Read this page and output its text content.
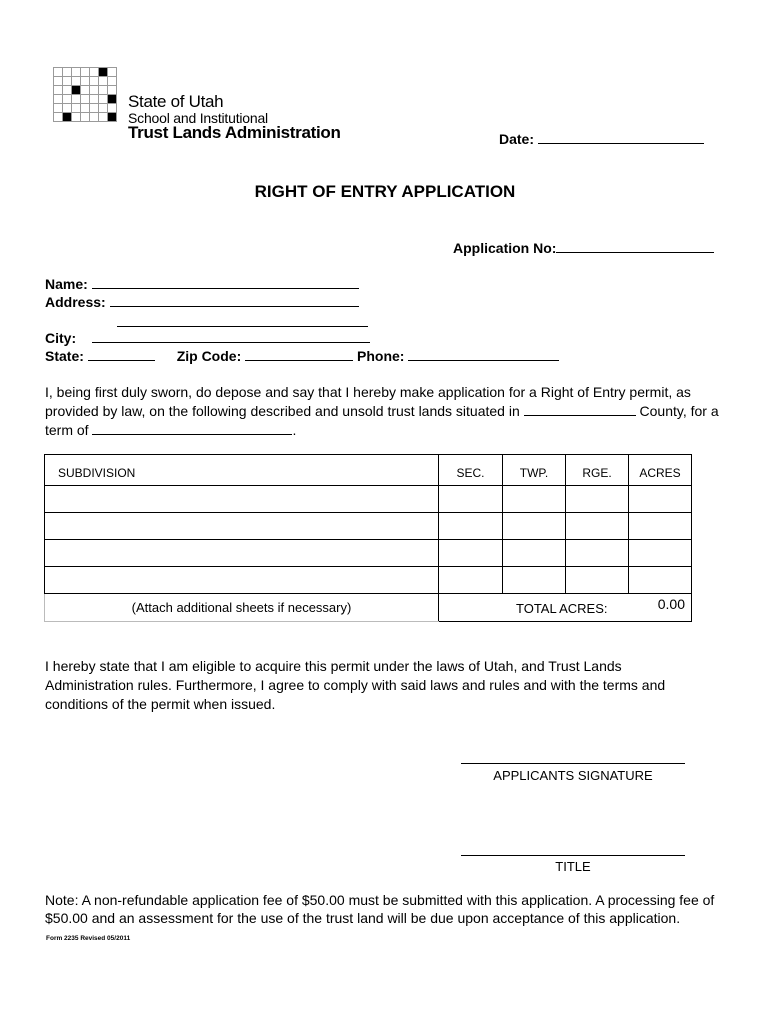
State of Utah
School and Institutional
Trust Lands Administration	Date:
RIGHT OF ENTRY APPLICATION
Application No:
Name:
Address:
City:
State:	Zip Code:	Phone:
I, being first duly sworn, do depose and say that I hereby make application for a Right of Entry permit, as
provided by law, on the following described and unsold trust lands situated in	County, for a
term of	.
SUBDIVISION	SEC.	TWP.	RGE.	ACRES

(Attach additional sheets if necessary)	TOTAL ACRES: 0.00			
I hereby state that I am eligible to acquire this permit under the laws of Utah, and Trust Lands
Administration rules. Furthermore, I agree to comply with said laws and rules and with the terms and
conditions of the permit when issued.
APPLICANTS SIGNATURE
TITLE
Note: A non-refundable application fee of $50.00 must be submitted with this application. A processing fee of
$50.00 and an assessment for the use of the trust land will be due upon acceptance of this application.
Form 2235 Revised 05/2011
